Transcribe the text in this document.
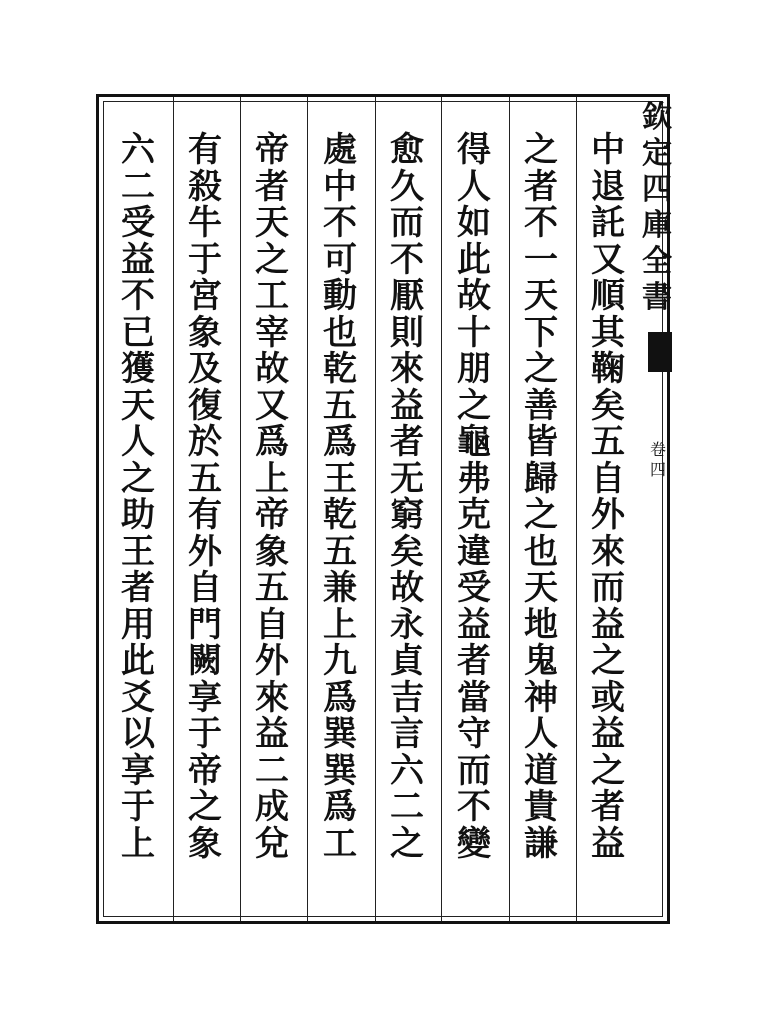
欽
定
四
庫
全
書
卷
四
中
退
託
又
順
其
鞠
矣
五
自
外
來
而
益
之
或
益
之
者
益
之
者
不
一
天
下
之
善
皆
歸
之
也
天
地
鬼
神
人
道
貴
謙
得
人
如
此
故
十
朋
之
龜
弗
克
違
受
益
者
當
守
而
不
變
愈
久
而
不
厭
則
來
益
者
无
窮
矣
故
永
貞
吉
言
六
二
之
處
中
不
可
動
也
乾
五
爲
王
乾
五
兼
上
九
爲
巽
巽
爲
工
帝
者
天
之
工
宰
故
又
爲
上
帝
象
五
自
外
來
益
二
成
兌
有
殺
牛
于
宮
象
及
復
於
五
有
外
自
門
闕
享
于
帝
之
象
六
二
受
益
不
已
獲
天
人
之
助
王
者
用
此
爻
以
享
于
上
